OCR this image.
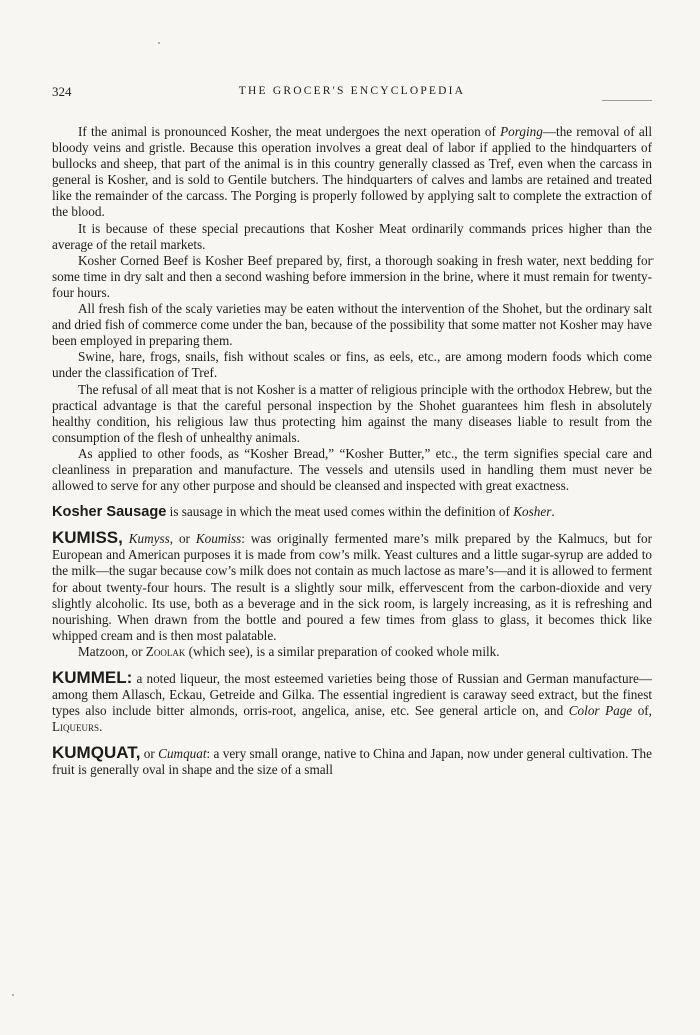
324	THE GROCER'S ENCYCLOPEDIA

If the animal is pronounced Kosher, the meat undergoes the next operation of Porging—the removal of all bloody veins and gristle. Because this operation involves a great deal of labor if applied to the hindquarters of bullocks and sheep, that part of the animal is in this country generally classed as Tref, even when the carcass in general is Kosher, and is sold to Gentile butchers. The hindquarters of calves and lambs are retained and treated like the remainder of the carcass. The Porging is properly followed by applying salt to complete the extraction of the blood.

It is because of these special precautions that Kosher Meat ordinarily commands prices higher than the average of the retail markets.

Kosher Corned Beef is Kosher Beef prepared by, first, a thorough soaking in fresh water, next bedding for some time in dry salt and then a second washing before immersion in the brine, where it must remain for twenty-four hours.

All fresh fish of the scaly varieties may be eaten without the intervention of the Shohet, but the ordinary salt and dried fish of commerce come under the ban, because of the possibility that some matter not Kosher may have been employed in preparing them.

Swine, hare, frogs, snails, fish without scales or fins, as eels, etc., are among modern foods which come under the classification of Tref.

The refusal of all meat that is not Kosher is a matter of religious principle with the orthodox Hebrew, but the practical advantage is that the careful personal inspection by the Shohet guarantees him flesh in absolutely healthy condition, his religious law thus protecting him against the many diseases liable to result from the consumption of the flesh of unhealthy animals.

As applied to other foods, as “Kosher Bread,” “Kosher Butter,” etc., the term signifies special care and cleanliness in preparation and manufacture. The vessels and utensils used in handling them must never be allowed to serve for any other purpose and should be cleansed and inspected with great exactness.

Kosher Sausage is sausage in which the meat used comes within the definition of Kosher.

KUMISS, Kumyss, or Koumiss: was originally fermented mare’s milk prepared by the Kalmucs, but for European and American purposes it is made from cow’s milk. Yeast cultures and a little sugar-syrup are added to the milk—the sugar because cow’s milk does not contain as much lactose as mare’s—and it is allowed to ferment for about twenty-four hours. The result is a slightly sour milk, effervescent from the carbon-dioxide and very slightly alcoholic. Its use, both as a beverage and in the sick room, is largely increasing, as it is refreshing and nourishing. When drawn from the bottle and poured a few times from glass to glass, it becomes thick like whipped cream and is then most palatable.

Matzoon, or Zoolak (which see), is a similar preparation of cooked whole milk.

KUMMEL: a noted liqueur, the most esteemed varieties being those of Russian and German manufacture—among them Allasch, Eckau, Getreide and Gilka. The essential ingredient is caraway seed extract, but the finest types also include bitter almonds, orris-root, angelica, anise, etc. See general article on, and Color Page of, Liqueurs.

KUMQUAT, or Cumquat: a very small orange, native to China and Japan, now under general cultivation. The fruit is generally oval in shape and the size of a small
